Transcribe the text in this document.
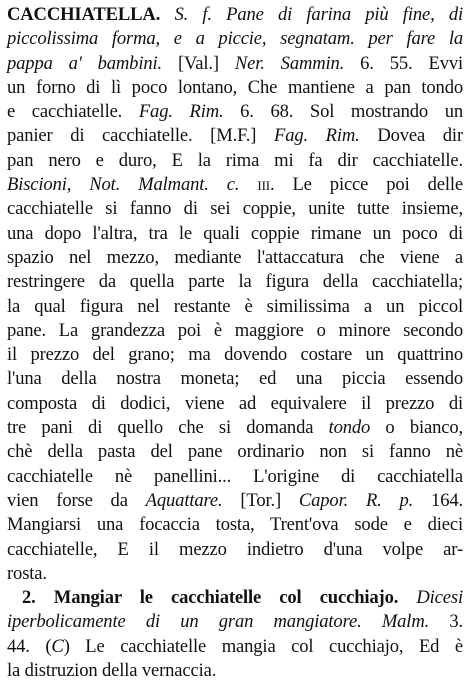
CACCHIATELLA. S. f. Pane di farina più fine, di
piccolissima forma, e a piccie, segnatam. per fare la
pappa a' bambini. [Val.] Ner. Sammin. 6. 55. Evvi
un forno di lì poco lontano, Che mantiene a pan tondo
e cacchiatelle. Fag. Rim. 6. 68. Sol mostrando un
panier di cacchiatelle. [M.F.] Fag. Rim. Dovea dir
pan nero e duro, E la rima mi fa dir cacchiatelle.
Biscioni, Not. Malmant. c. iii. Le picce poi delle
cacchiatelle si fanno di sei coppie, unite tutte insieme,
una dopo l'altra, tra le quali coppie rimane un poco di
spazio nel mezzo, mediante l'attaccatura che viene a
restringere da quella parte la figura della cacchiatella;
la qual figura nel restante è similissima a un piccol
pane. La grandezza poi è maggiore o minore secondo
il prezzo del grano; ma dovendo costare un quattrino
l'una della nostra moneta; ed una piccia essendo
composta di dodici, viene ad equivalere il prezzo di
tre pani di quello che si domanda tondo o bianco,
chè della pasta del pane ordinario non si fanno nè
cacchiatelle nè panellini... L'origine di cacchiatella
vien forse da Aquattare. [Tor.] Capor. R. p. 164.
Mangiarsi una focaccia tosta, Trent'ova sode e dieci
cacchiatelle, E il mezzo indietro d'una volpe ar-
rosta.
2. Mangiar le cacchiatelle col cucchiajo. Dicesi
iperbolicamente di un gran mangiatore. Malm. 3.
44. (C) Le cacchiatelle mangia col cucchiajo, Ed è
la distruzion della vernaccia.
